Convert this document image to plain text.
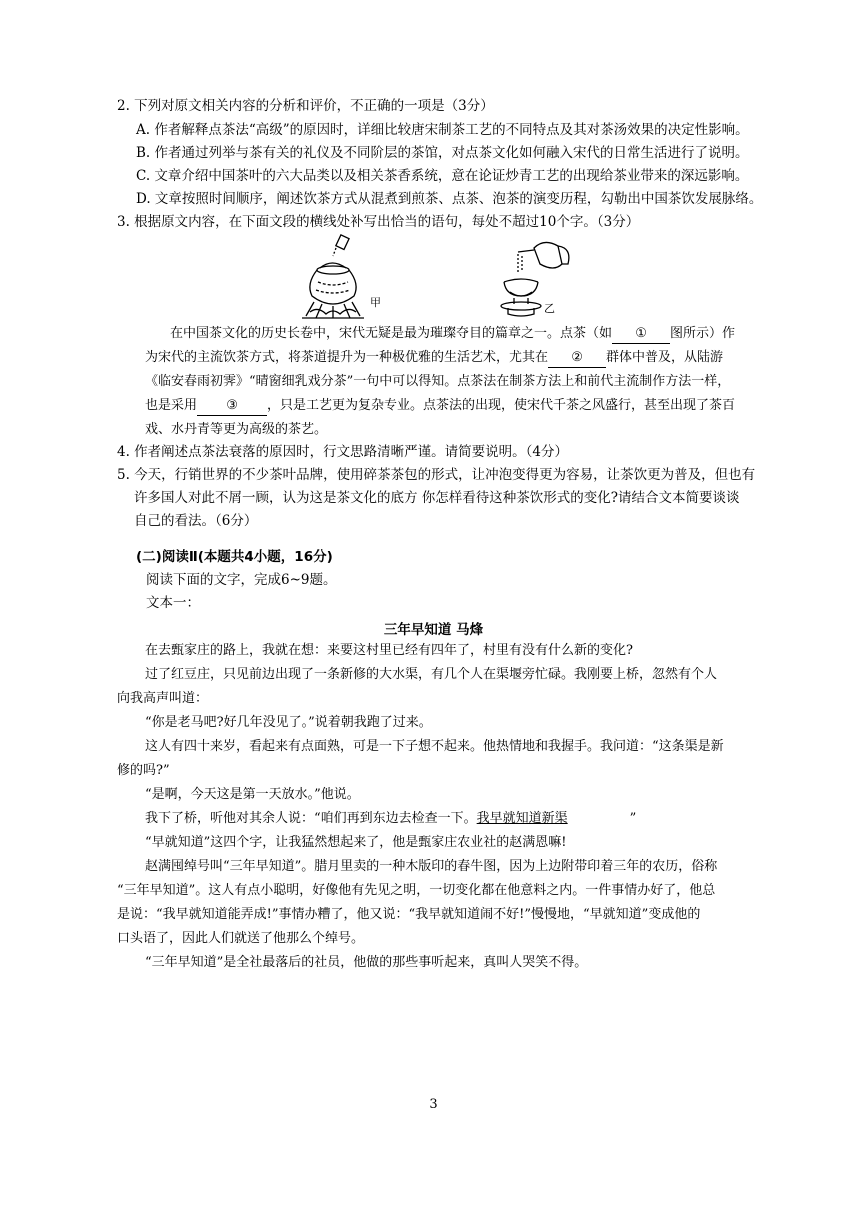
2. 下列对原文相关内容的分析和评价，不正确的一项是（3分）
A. 作者解释点茶法“高级”的原因时，详细比较唐宋制茶工艺的不同特点及其对茶汤效果的决定性影响。
B. 作者通过列举与茶有关的礼仪及不同阶层的茶馆，对点茶文化如何融入宋代的日常生活进行了说明。
C. 文章介绍中国茶叶的六大品类以及相关茶香系统，意在论证炒青工艺的出现给茶业带来的深远影响。
D. 文章按照时间顺序，阐述饮茶方式从混煮到煎茶、点茶、泡茶的演变历程，勾勒出中国茶饮发展脉络。
3. 根据原文内容，在下面文段的横线处补写出恰当的语句，每处不超过10个字。（3分）
甲	乙
在中国茶文化的历史长卷中，宋代无疑是最为璀璨夺目的篇章之一。点茶（如 ① 图所示）作
为宋代的主流饮茶方式，将茶道提升为一种极优雅的生活艺术，尤其在 ② 群体中普及，从陆游
《临安春雨初霁》“晴窗细乳戏分茶”一句中可以得知。点茶法在制茶方法上和前代主流制作方法一样，
也是采用 ③ ，只是工艺更为复杂专业。点茶法的出现，使宋代千茶之风盛行，甚至出现了茶百
戏、水丹青等更为高级的茶艺。
4. 作者阐述点茶法衰落的原因时，行文思路清晰严谨。请简要说明。（4分）
5. 今天，行销世界的不少茶叶品牌，使用碎茶茶包的形式，让冲泡变得更为容易，让茶饮更为普及，但也有
许多国人对此不屑一顾，认为这是茶文化的底方 你怎样看待这种茶饮形式的变化?请结合文本简要谈谈
自己的看法。（6分）
(二)阅读Ⅱ(本题共4小题，16分)
阅读下面的文字，完成6~9题。
文本一：
三年早知道 马烽
在去甄家庄的路上，我就在想：来要这村里已经有四年了，村里有没有什么新的变化?
过了红豆庄，只见前边出现了一条新修的大水渠，有几个人在渠堰旁忙碌。我刚要上桥，忽然有个人
向我高声叫道：
“你是老马吧?好几年没见了。”说着朝我跑了过来。
这人有四十来岁，看起来有点面熟，可是一下子想不起来。他热情地和我握手。我问道：“这条渠是新
修的吗?”
“是啊，今天这是第一天放水。”他说。
我下了桥，听他对其余人说：“咱们再到东边去检查一下。我早就知道新渠	”
“早就知道”这四个字，让我猛然想起来了，他是甄家庄农业社的赵满恩嘛!
赵满囤绰号叫“三年早知道”。腊月里卖的一种木版印的春牛图，因为上边附带印着三年的农历，俗称
“三年早知道”。这人有点小聪明，好像他有先见之明，一切变化都在他意料之内。一件事情办好了，他总
是说：“我早就知道能弄成!”事情办糟了，他又说：“我早就知道闹不好!”慢慢地，“早就知道”变成他的
口头语了，因此人们就送了他那么个绰号。
“三年早知道”是全社最落后的社员，他做的那些事听起来，真叫人哭笑不得。
3
